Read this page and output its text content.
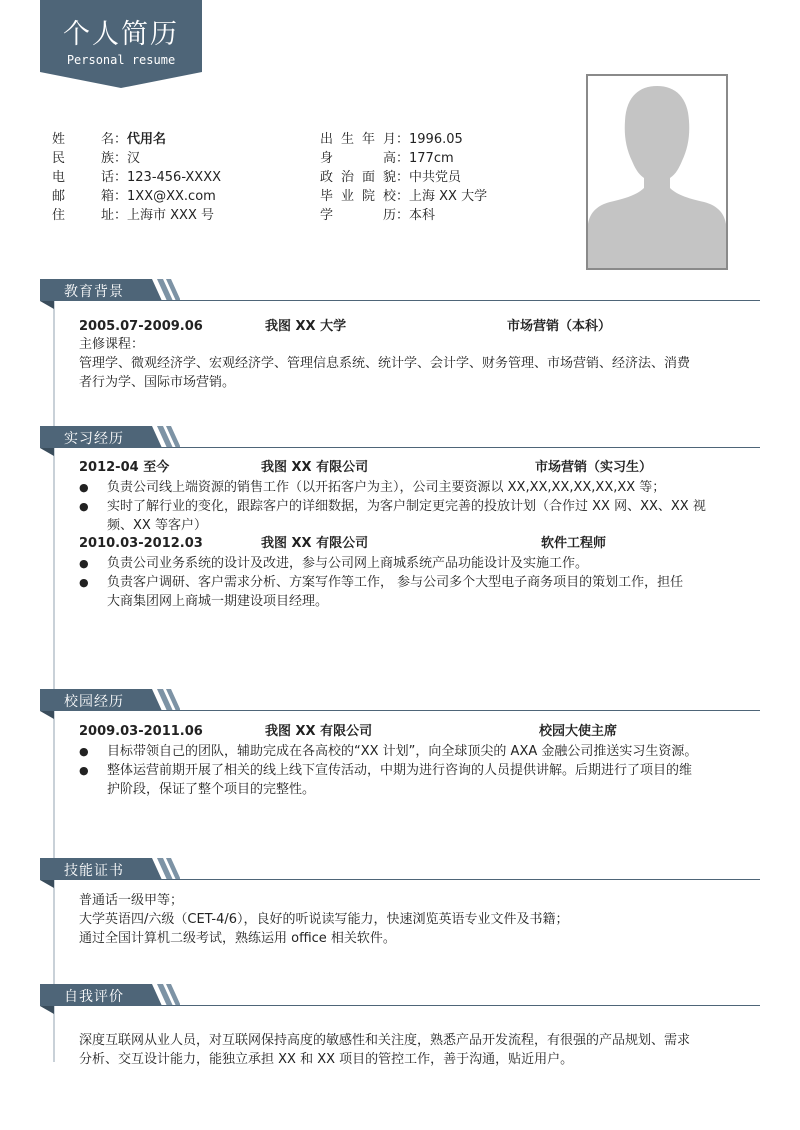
个人简历
Personal resume
姓名：代用名
民族：汉
电话：123-456-XXXX
邮箱：1XX@XX.com
住址：上海市 XXX 号
出生年月：1996.05
身高：177cm
政治面貌：中共党员
毕业院校：上海 XX 大学
学历：本科
教育背景
2005.07-2009.06	我图 XX 大学	市场营销（本科）
主修课程：
管理学、微观经济学、宏观经济学、管理信息系统、统计学、会计学、财务管理、市场营销、经济法、消费
者行为学、国际市场营销。
实习经历
2012-04 至今	我图 XX 有限公司	市场营销（实习生）
● 负责公司线上端资源的销售工作（以开拓客户为主），公司主要资源以 XX,XX,XX,XX,XX,XX 等；
● 实时了解行业的变化，跟踪客户的详细数据，为客户制定更完善的投放计划（合作过 XX 网、XX、XX 视
频、XX 等客户）
2010.03-2012.03	我图 XX 有限公司	软件工程师
● 负责公司业务系统的设计及改进，参与公司网上商城系统产品功能设计及实施工作。
● 负责客户调研、客户需求分析、方案写作等工作， 参与公司多个大型电子商务项目的策划工作，担任
大商集团网上商城一期建设项目经理。
校园经历
2009.03-2011.06	我图 XX 有限公司	校园大使主席
● 目标带领自己的团队，辅助完成在各高校的“XX 计划”，向全球顶尖的 AXA 金融公司推送实习生资源。
● 整体运营前期开展了相关的线上线下宣传活动，中期为进行咨询的人员提供讲解。后期进行了项目的维
护阶段，保证了整个项目的完整性。
技能证书
普通话一级甲等；
大学英语四/六级（CET-4/6），良好的听说读写能力，快速浏览英语专业文件及书籍；
通过全国计算机二级考试，熟练运用 office 相关软件。
自我评价
深度互联网从业人员，对互联网保持高度的敏感性和关注度，熟悉产品开发流程，有很强的产品规划、需求
分析、交互设计能力，能独立承担 XX 和 XX 项目的管控工作，善于沟通，贴近用户。
